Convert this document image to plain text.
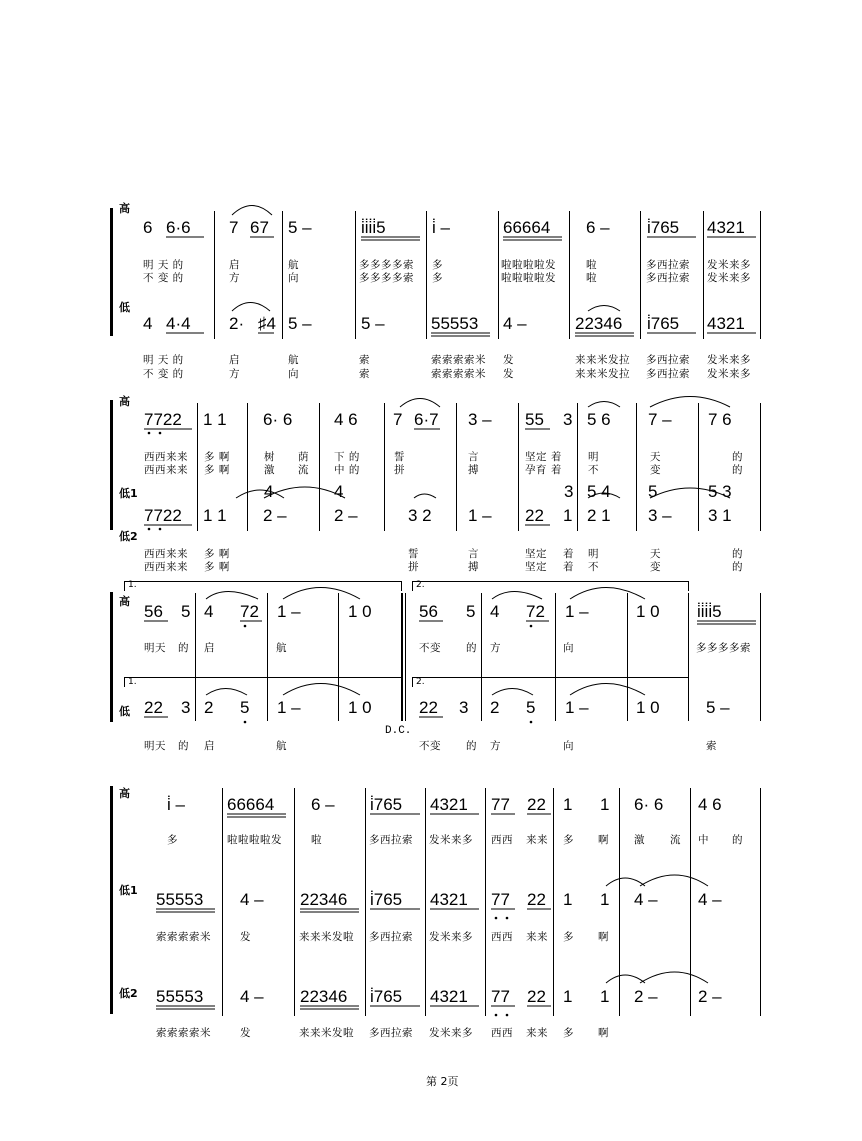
高
低
6 6·6 7 67 5 –	i̇i̇i̇i̇5	i̇ –	66664 6 – i̇765 4321
明 天 的	启	航	多多多多索 多	啦啦啦啦发	啦	多西拉索 发米来多
不 变 的	方	向	多多多多索 多	啦啦啦啦发	啦	多西拉索 发米来多
4 4·4 2· ♯4 5 –	5 –	55553 4 –	22346 i̇765 4321
明 天 的	启	航	索	索索索索米 发	来来米发拉 多西拉索 发米来多
不 变 的	方	向	索	索索索索米 发	来来米发拉 多西拉索 发米来多
高
低1
低2
7722 1 1 6· 6 4 6 7 6·7 3 – 55 3 5 6 7 – 7 6
西西来来 多 啊	树 荫 下 的	誓	言	坚定 着 明	天	的
西西来来 多 啊	激 流 中 的	拼	搏	孕育 着 不	变	的
4	4	3 5 4 5	5 3
7722 1 1 2 –	2 –	3 2 1 – 22 1 2 1 3 – 3 1
西西来来 多 啊	誓	言	坚定 着 明	天	的
西西来来 多 啊	拼	搏	坚定 着 不	变	的
高
低
1.	2.
1.	2.
56 5 4 72 1 –	1 0	56 5 4 72 1 –	1 0 i̇i̇i̇i̇5
明天 的 启	航	不变 的 方	向	多多多多索
22 3 2 5 1 –	1 0	22 3 2 5 1 –	1 0	5 –
D.C.
明天 的 启	航	不变 的 方	向	索
高
低1
低2
i̇ – 66664 6 – i̇765 4321 77 22 1 1 6· 6 4 6
多	啦啦啦啦发	啦	多西拉索 发米来多 西西 来来 多 啊 激 流 中 的
55553 4 – 22346 i̇765 4321 77 22 1 1 4 – 4 –
索索索索米	发	来来米发啦 多西拉索 发米来多 西西 来来 多 啊
55553 4 – 22346 i̇765 4321 77 22 1 1 2 – 2 –
索索索索米	发	来来米发啦 多西拉索 发米来多 西西 来来 多 啊
第 2页
